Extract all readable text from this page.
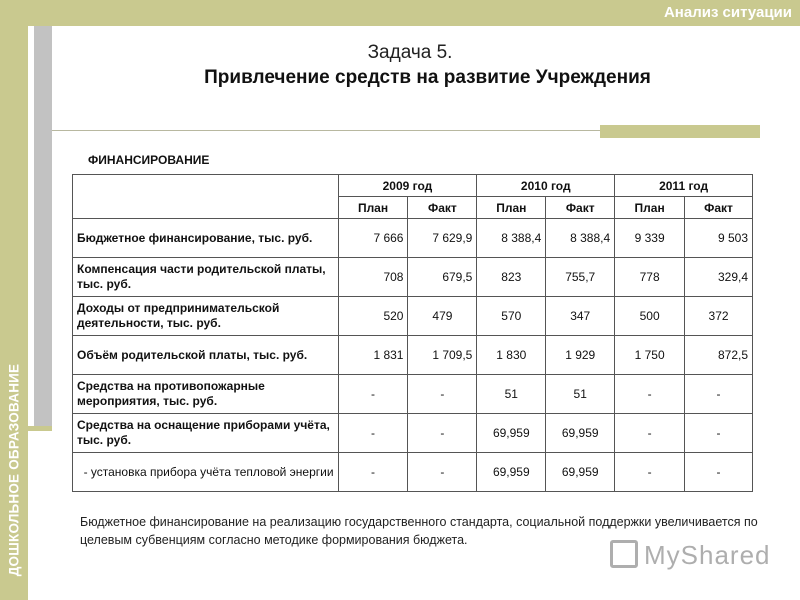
ДОШКОЛЬНОЕ ОБРАЗОВАНИЕ
Анализ ситуации
Задача 5.
Привлечение средств на развитие Учреждения
ФИНАНСИРОВАНИЕ
	2009 год		2010 год		2011 год	
	План	Факт	План	Факт	План	Факт
Бюджетное финансирование, тыс. руб.	7 666	7 629,9	8 388,4	8 388,4	9 339	9 503
Компенсация части родительской платы, тыс. руб.	708	679,5	823	755,7	778	329,4
Доходы от предпринимательской деятельности, тыс. руб.	520	479	570	347	500	372
Объём родительской платы, тыс. руб.	1 831	1 709,5	1 830	1 929	1 750	872,5
Средства на противопожарные мероприятия, тыс. руб.	-	-	51	51	-	-
Средства на оснащение приборами учёта, тыс. руб.	-	-	69,959	69,959	-	-
- установка прибора учёта тепловой энергии	-	-	69,959	69,959	-	-
Бюджетное финансирование на реализацию государственного стандарта, социальной поддержки увеличивается по целевым субвенциям согласно методике формирования бюджета.	MyShared
